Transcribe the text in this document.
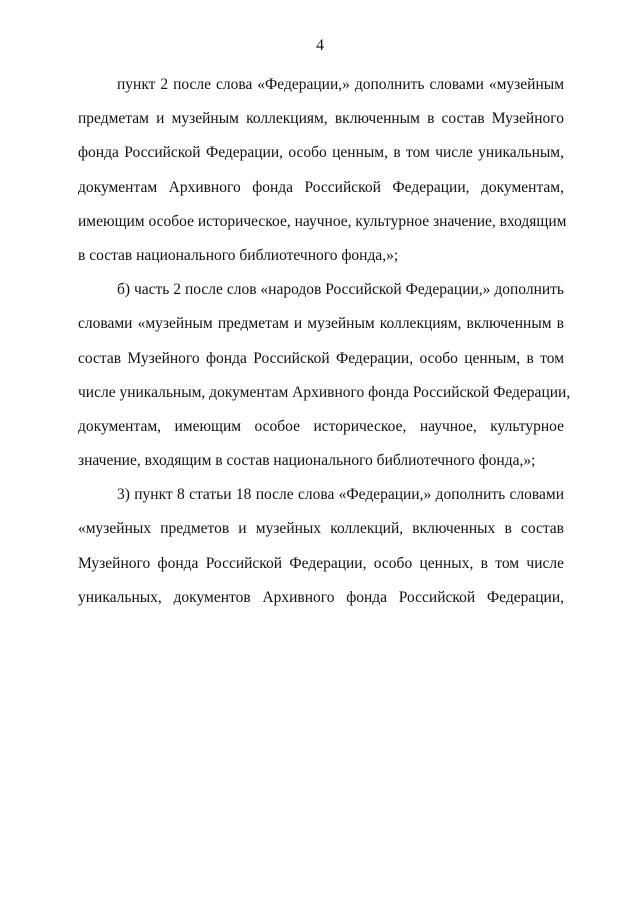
4
пункт 2 после слова «Федерации,» дополнить словами «музейным
предметам и музейным коллекциям, включенным в состав Музейного
фонда Российской Федерации, особо ценным, в том числе уникальным,
документам Архивного фонда Российской Федерации, документам,
имеющим особое историческое, научное, культурное значение, входящим
в состав национального библиотечного фонда,»;
б) часть 2 после слов «народов Российской Федерации,» дополнить
словами «музейным предметам и музейным коллекциям, включенным в
состав Музейного фонда Российской Федерации, особо ценным, в том
числе уникальным, документам Архивного фонда Российской Федерации,
документам, имеющим особое историческое, научное, культурное
значение, входящим в состав национального библиотечного фонда,»;
3) пункт 8 статьи 18 после слова «Федерации,» дополнить словами
«музейных предметов и музейных коллекций, включенных в состав
Музейного фонда Российской Федерации, особо ценных, в том числе
уникальных, документов Архивного фонда Российской Федерации,
